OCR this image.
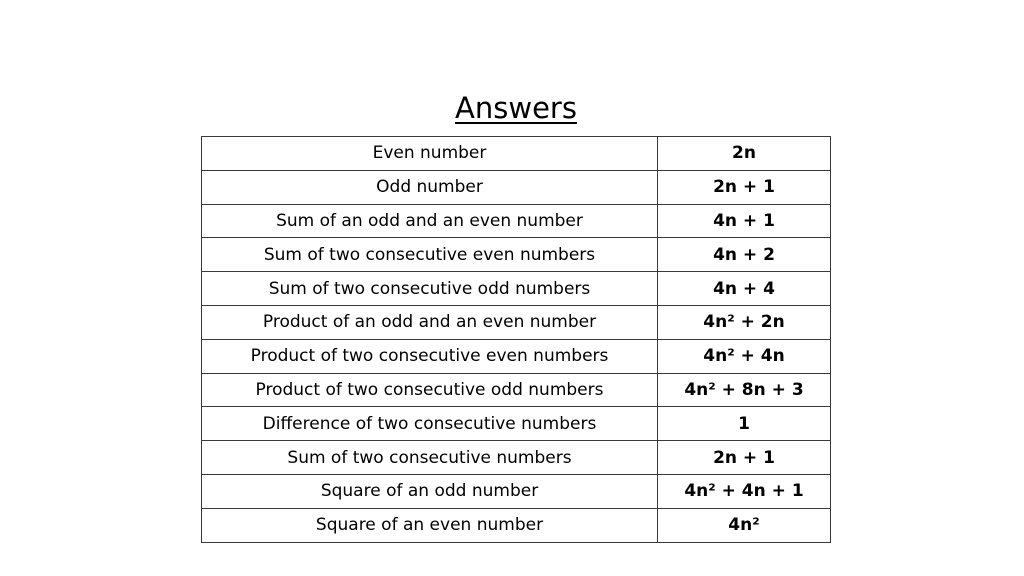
Answers
Even number	2n
Odd number	2n + 1
Sum of an odd and an even number	4n + 1
Sum of two consecutive even numbers	4n + 2
Sum of two consecutive odd numbers	4n + 4
Product of an odd and an even number	4n² + 2n
Product of two consecutive even numbers	4n² + 4n
Product of two consecutive odd numbers	4n² + 8n + 3
Difference of two consecutive numbers	1
Sum of two consecutive numbers	2n + 1
Square of an odd number	4n² + 4n + 1
Square of an even number	4n²
